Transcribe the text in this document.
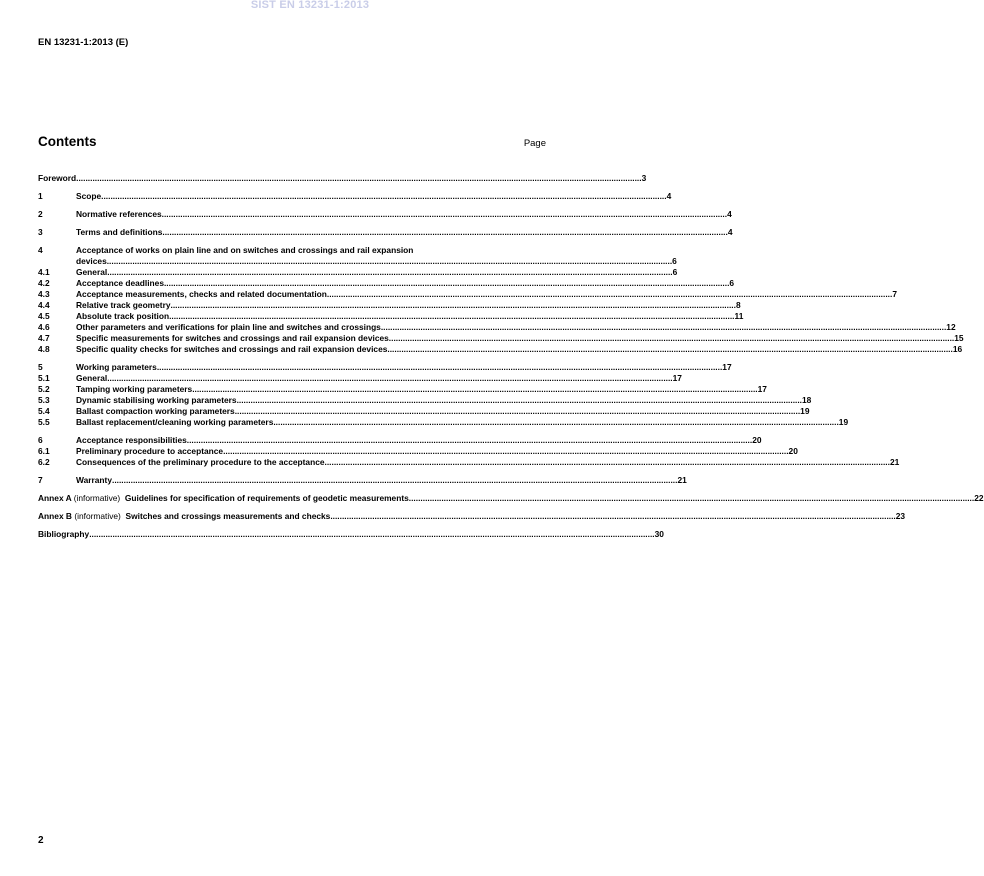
SIST EN 13231-1:2013
EN 13231-1:2013 (E)
Contents	Page
Foreword .....	3
1	Scope .....	4
2	Normative references .....	4
3	Terms and definitions .....	4
4	Acceptance of works on plain line and on switches and crossings and rail expansion
devices .....	6
4.1	General .....	6
4.2	Acceptance deadlines .....	6
4.3	Acceptance measurements, checks and related documentation .....	7
4.4	Relative track geometry .....	8
4.5	Absolute track position .....	11
4.6	Other parameters and verifications for plain line and switches and crossings .....	12
4.7	Specific measurements for switches and crossings and rail expansion devices .....	15
4.8	Specific quality checks for switches and crossings and rail expansion devices .....	16
5	Working parameters .....	17
5.1	General .....	17
5.2	Tamping working parameters .....	17
5.3	Dynamic stabilising working parameters .....	18
5.4	Ballast compaction working parameters .....	19
5.5	Ballast replacement/cleaning working parameters .....	19
6	Acceptance responsibilities .....	20
6.1	Preliminary procedure to acceptance .....	20
6.2	Consequences of the preliminary procedure to the acceptance .....	21
7	Warranty .....	21
Annex A (informative) Guidelines for specification of requirements of geodetic measurements .....	22
Annex B (informative) Switches and crossings measurements and checks .....	23
Bibliography .....	30
2
